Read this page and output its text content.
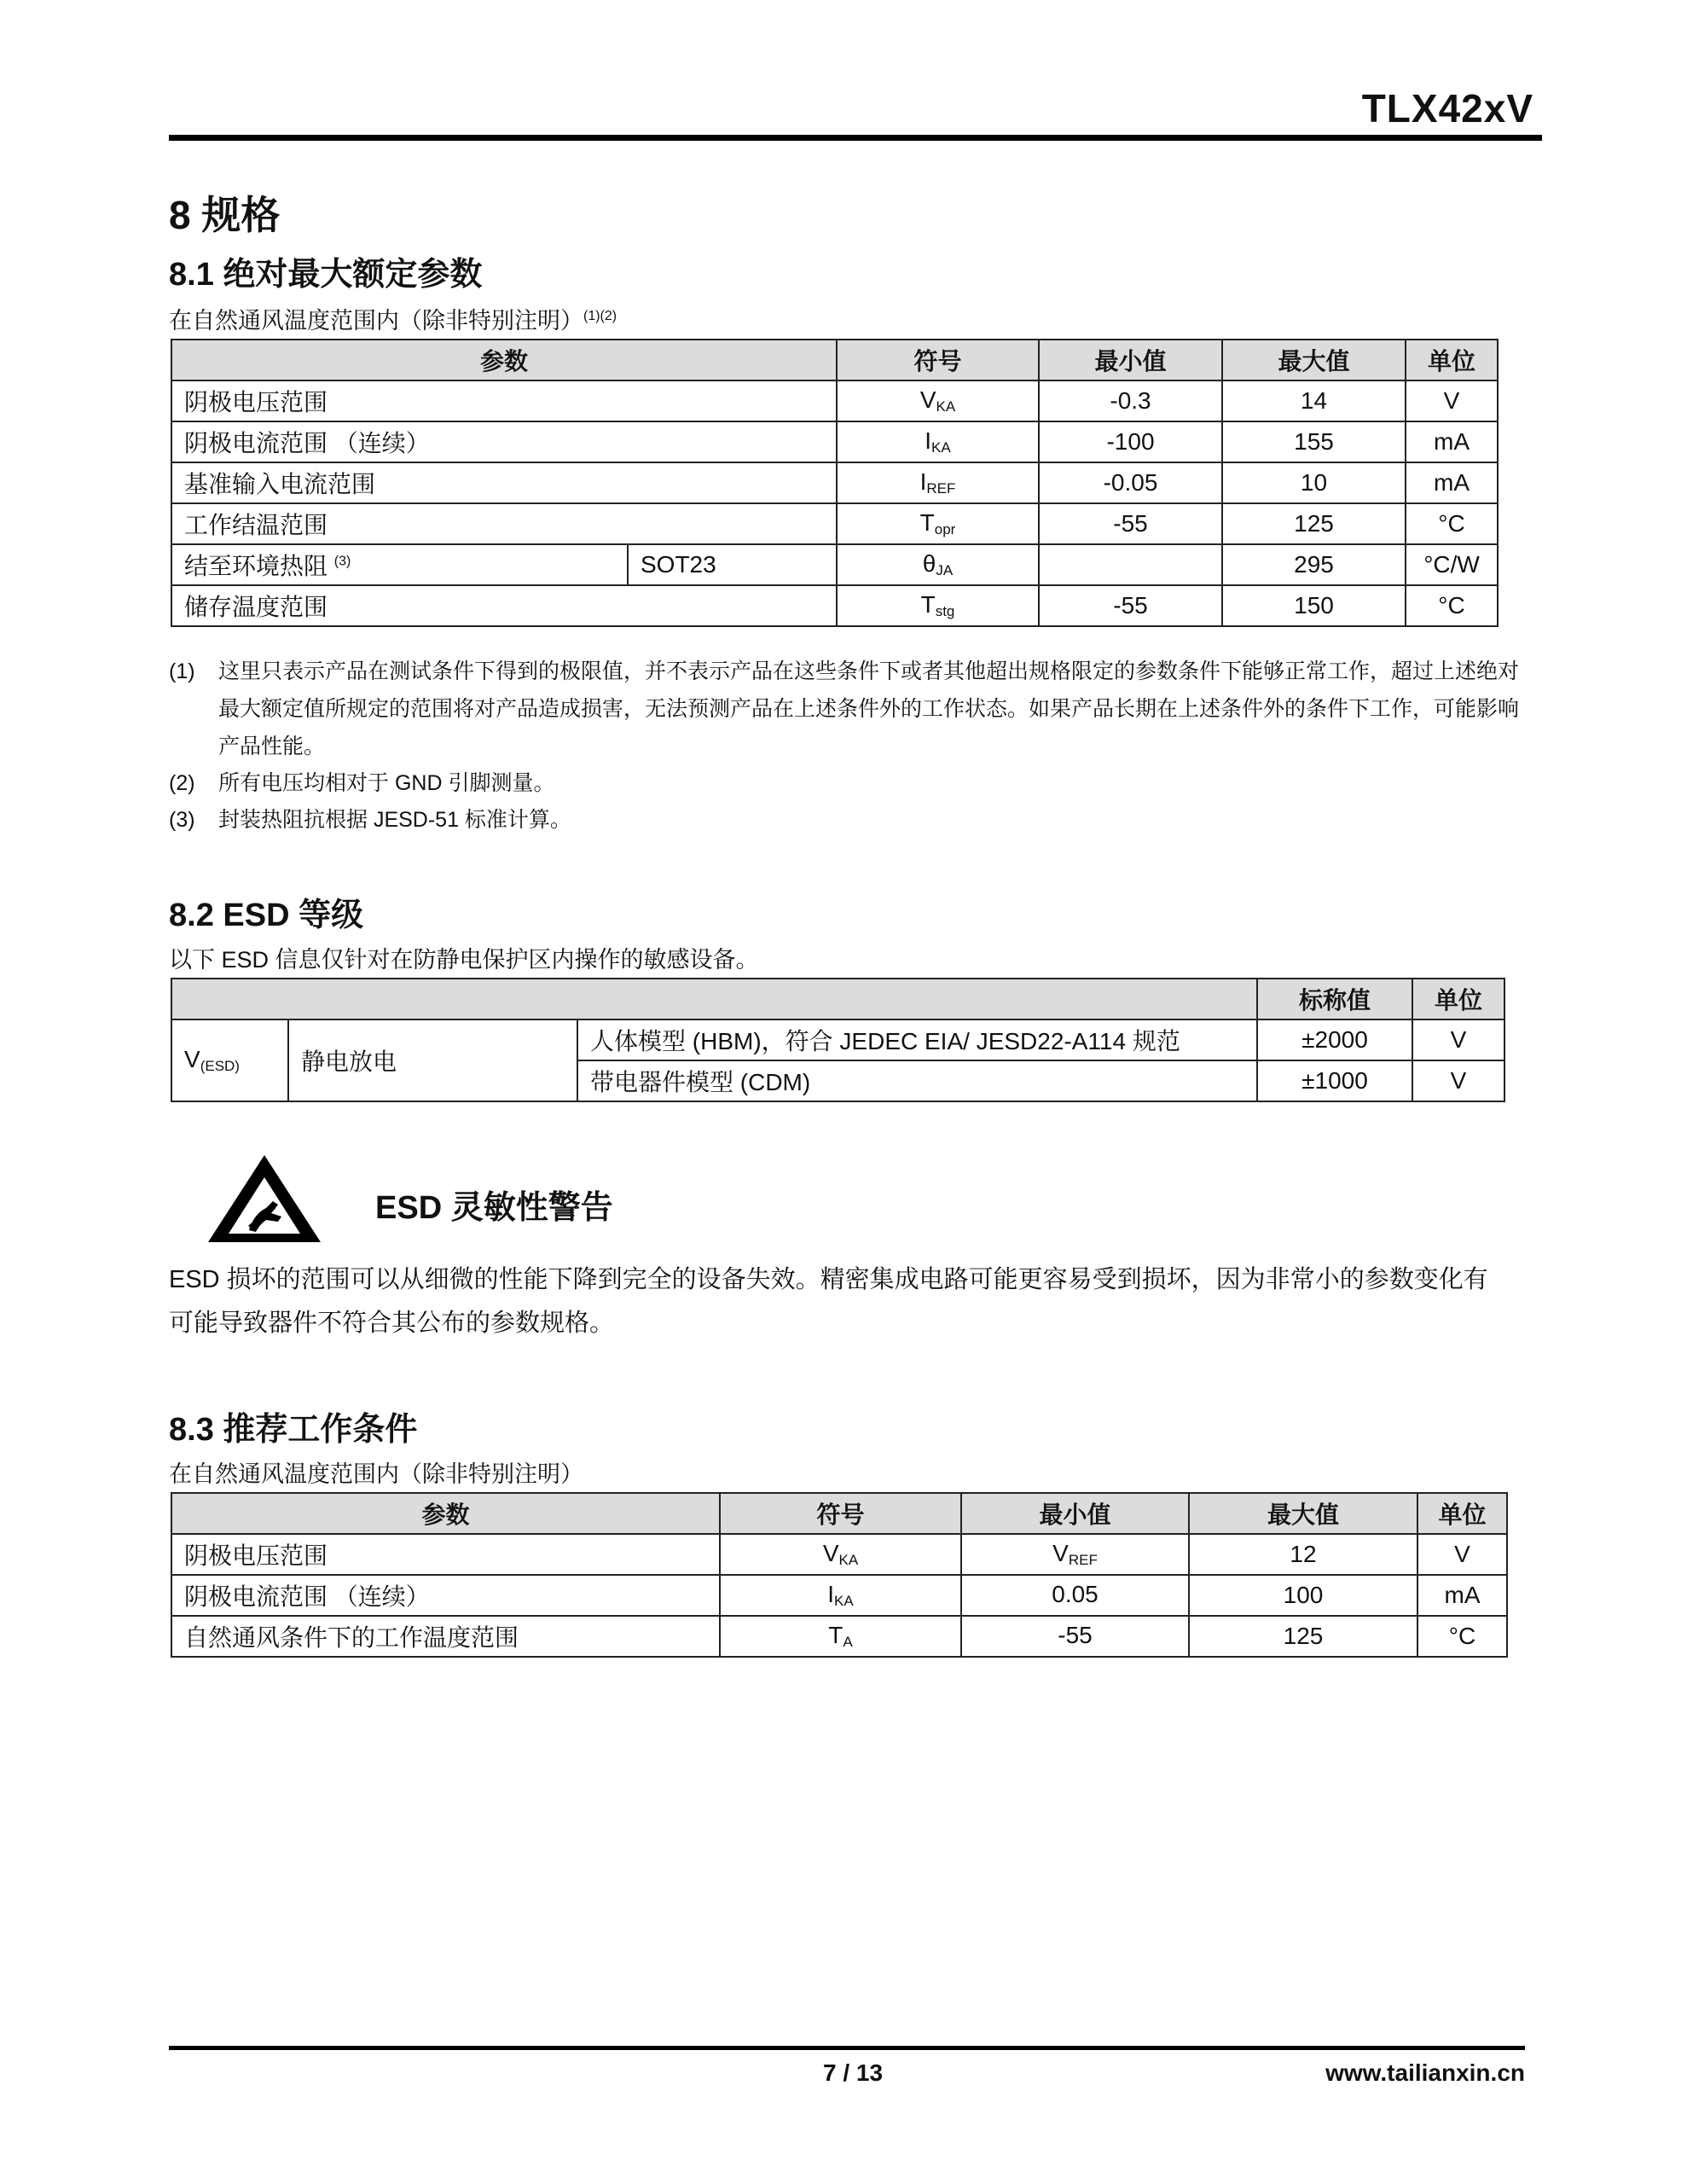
TLX42xV
8 规格
8.1 绝对最大额定参数
在自然通风温度范围内（除非特别注明）$^{(1)(2)}$
参数		符号	最小值	最大值	单位
阴极电压范围		$V_{KA}$	-0.3	14	V
阴极电流范围 （连续）		$I_{KA}$	-100	155	mA
基准输入电流范围		$I_{REF}$	-0.05	10	mA
工作结温范围		$T_{opr}$	-55	125	°C
结至环境热阻 $^{(3)}$	SOT23	$\theta_{JA}$		295	°C/W
储存温度范围		$T_{stg}$	-55	150	°C
(1) 这里只表示产品在测试条件下得到的极限值，并不表示产品在这些条件下或者其他超出规格限定的参数条件下能够正常工作，超过上述绝对最大额定值所规定的范围将对产品造成损害，无法预测产品在上述条件外的工作状态。如果产品长期在上述条件外的条件下工作，可能影响产品性能。
(2) 所有电压均相对于 GND 引脚测量。
(3) 封装热阻抗根据 JESD-51 标准计算。
8.2 ESD 等级
以下 ESD 信息仅针对在防静电保护区内操作的敏感设备。
			标称值	单位
$V_{(ESD)}$	静电放电	人体模型 (HBM)，符合 JEDEC EIA/ JESD22-A114 规范	±2000	V
		带电器件模型 (CDM)	±1000	V
ESD 灵敏性警告
ESD 损坏的范围可以从细微的性能下降到完全的设备失效。精密集成电路可能更容易受到损坏，因为非常小的参数变化有可能导致器件不符合其公布的参数规格。
8.3 推荐工作条件
在自然通风温度范围内（除非特别注明）
参数	符号	最小值	最大值	单位
阴极电压范围	$V_{KA}$	$V_{REF}$	12	V
阴极电流范围 （连续）	$I_{KA}$	0.05	100	mA
自然通风条件下的工作温度范围	$T_A$	-55	125	°C
7 / 13	www.tailianxin.cn
